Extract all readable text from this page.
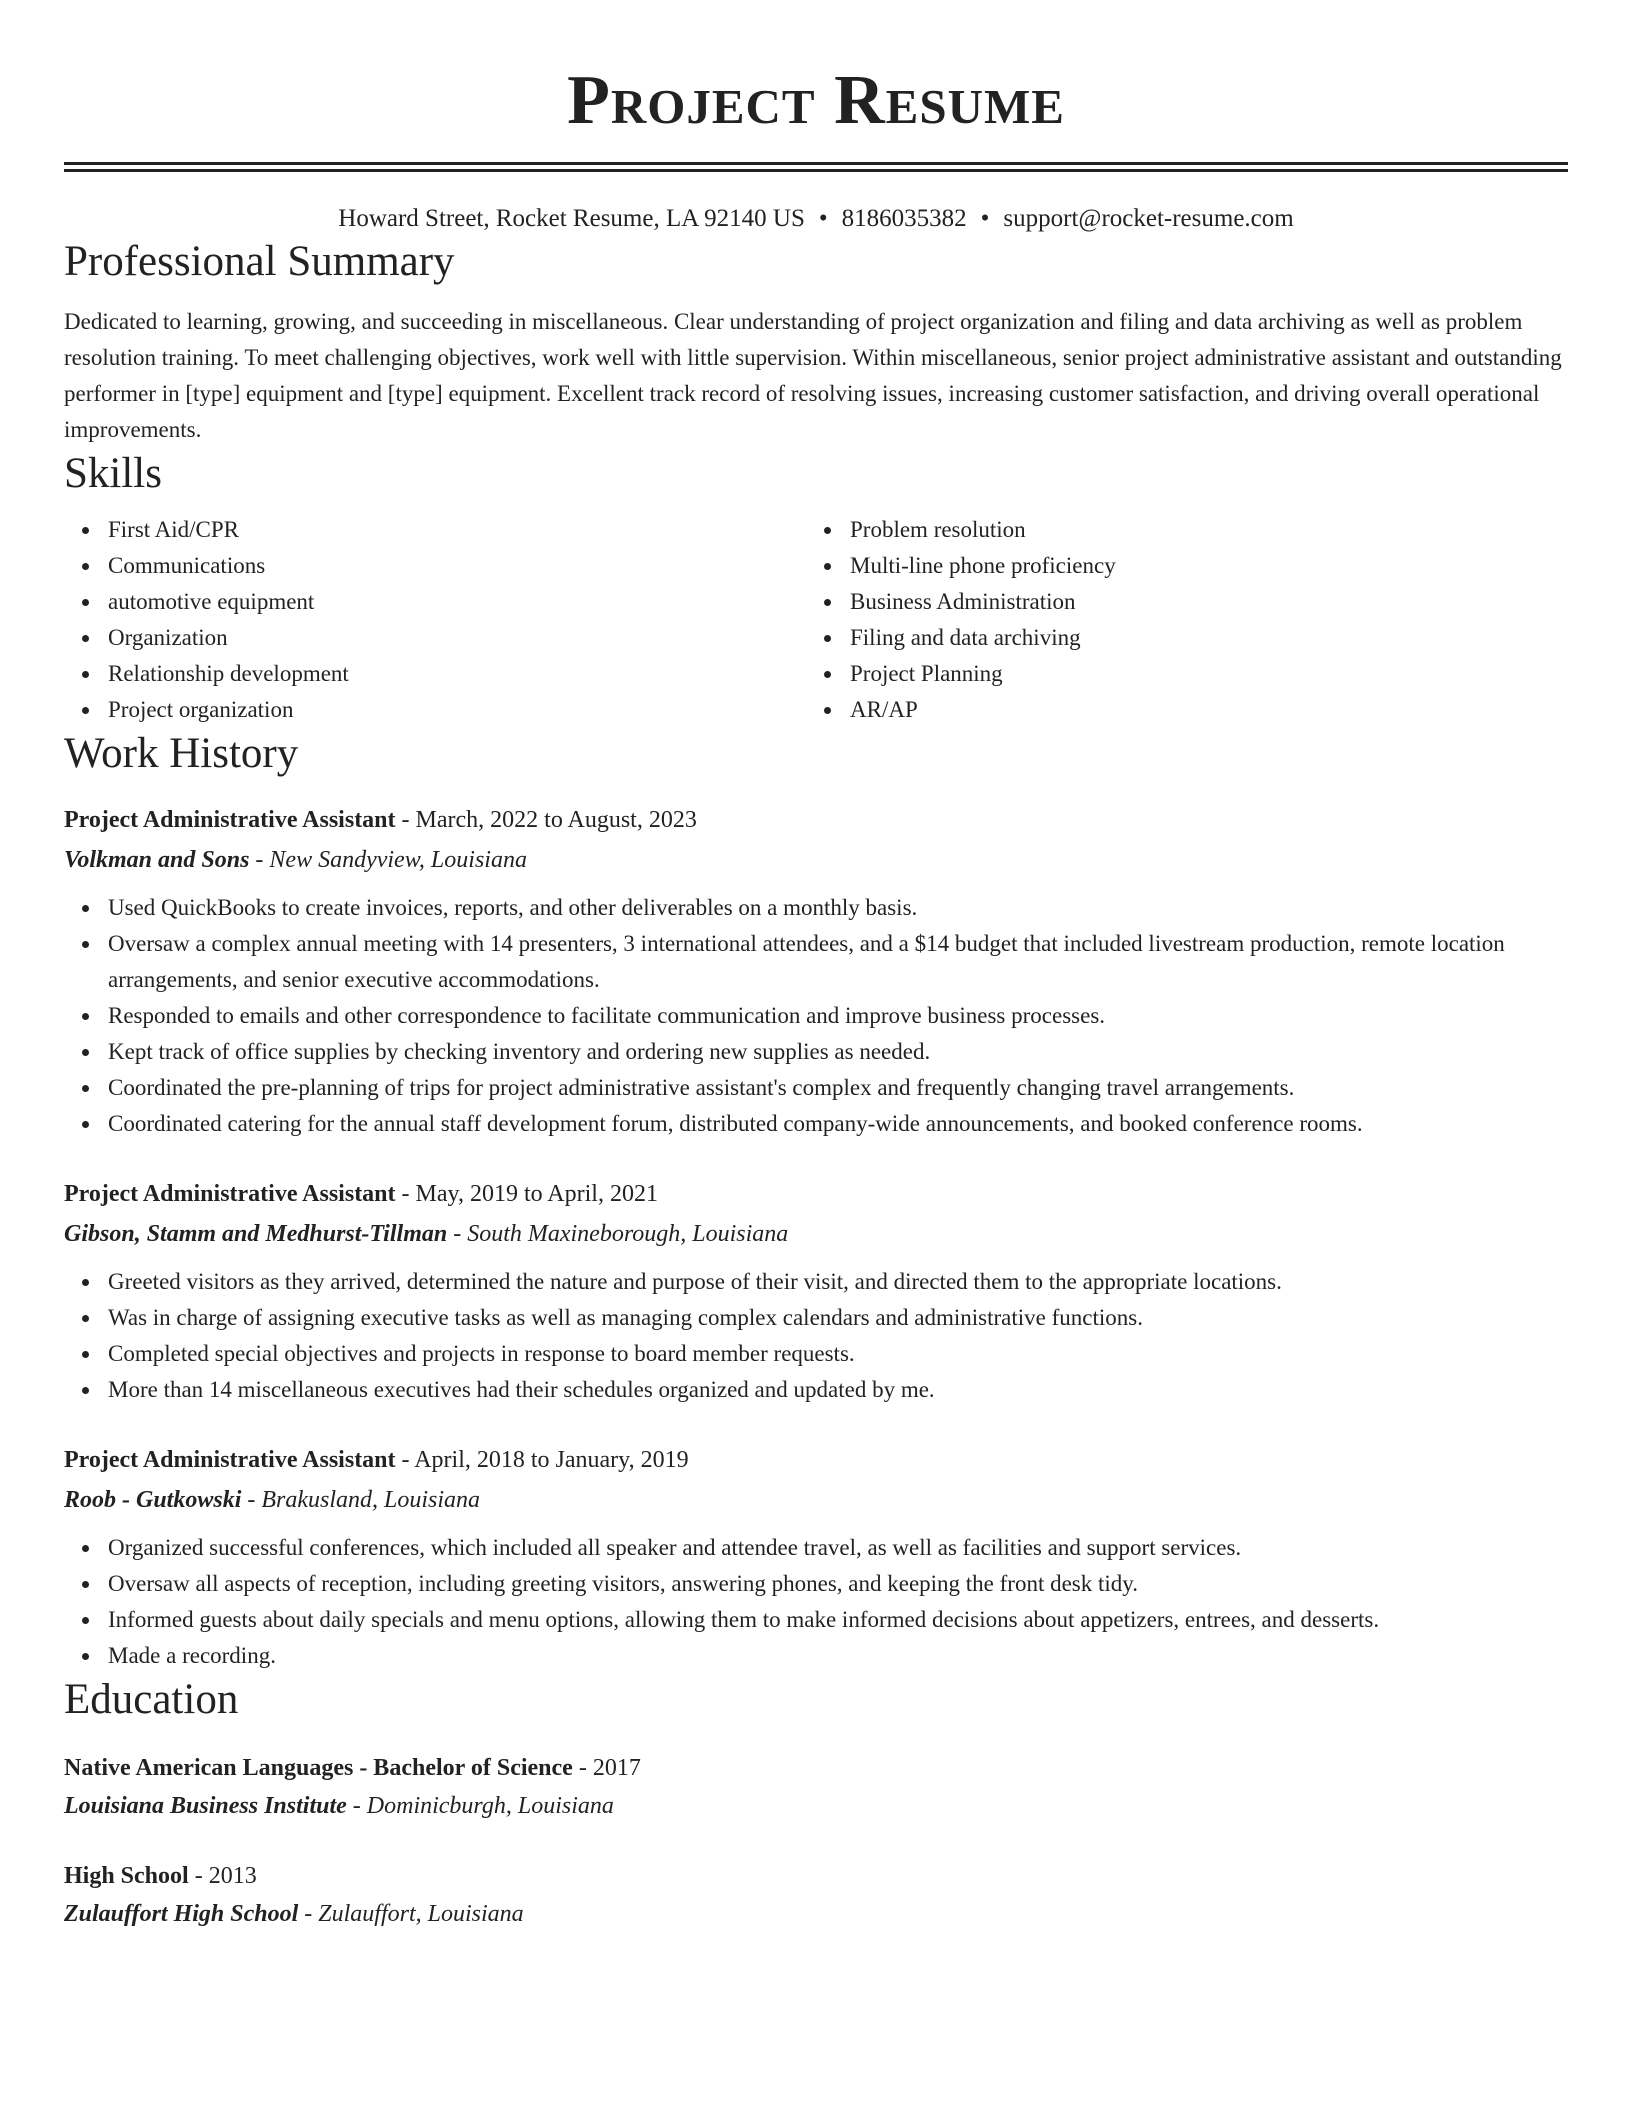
Project Resume
Howard Street, Rocket Resume, LA 92140 US • 8186035382 • support@rocket-resume.com
Professional Summary
Dedicated to learning, growing, and succeeding in miscellaneous. Clear understanding of project organization and filing and data archiving as well as problem resolution training. To meet challenging objectives, work well with little supervision. Within miscellaneous, senior project administrative assistant and outstanding performer in [type] equipment and [type] equipment. Excellent track record of resolving issues, increasing customer satisfaction, and driving overall operational improvements.
Skills
First Aid/CPR
Communications
automotive equipment
Organization
Relationship development
Project organization
Problem resolution
Multi-line phone proficiency
Business Administration
Filing and data archiving
Project Planning
AR/AP
Work History
Project Administrative Assistant - March, 2022 to August, 2023
Volkman and Sons - New Sandyview, Louisiana
Used QuickBooks to create invoices, reports, and other deliverables on a monthly basis.
Oversaw a complex annual meeting with 14 presenters, 3 international attendees, and a $14 budget that included livestream production, remote location arrangements, and senior executive accommodations.
Responded to emails and other correspondence to facilitate communication and improve business processes.
Kept track of office supplies by checking inventory and ordering new supplies as needed.
Coordinated the pre-planning of trips for project administrative assistant's complex and frequently changing travel arrangements.
Coordinated catering for the annual staff development forum, distributed company-wide announcements, and booked conference rooms.
Project Administrative Assistant - May, 2019 to April, 2021
Gibson, Stamm and Medhurst-Tillman - South Maxineborough, Louisiana
Greeted visitors as they arrived, determined the nature and purpose of their visit, and directed them to the appropriate locations.
Was in charge of assigning executive tasks as well as managing complex calendars and administrative functions.
Completed special objectives and projects in response to board member requests.
More than 14 miscellaneous executives had their schedules organized and updated by me.
Project Administrative Assistant - April, 2018 to January, 2019
Roob - Gutkowski - Brakusland, Louisiana
Organized successful conferences, which included all speaker and attendee travel, as well as facilities and support services.
Oversaw all aspects of reception, including greeting visitors, answering phones, and keeping the front desk tidy.
Informed guests about daily specials and menu options, allowing them to make informed decisions about appetizers, entrees, and desserts.
Made a recording.
Education
Native American Languages - Bachelor of Science - 2017
Louisiana Business Institute - Dominicburgh, Louisiana
High School - 2013
Zulauffort High School - Zulauffort, Louisiana
